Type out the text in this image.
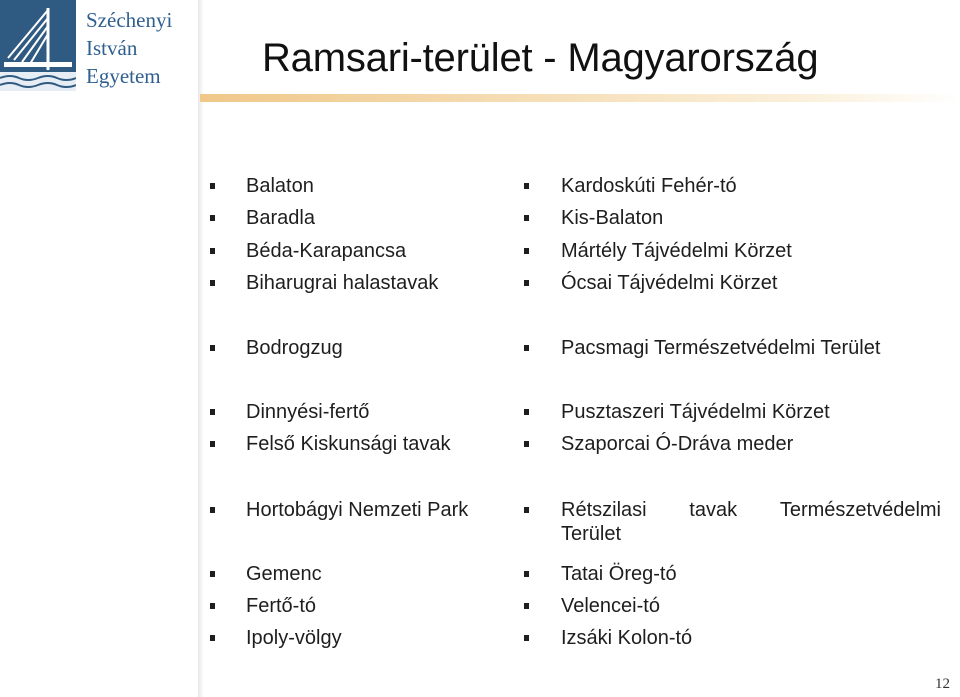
Széchenyi
István
Egyetem	Ramsari-terület - Magyarország
Balaton
Baradla
Béda-Karapancsa
Biharugrai halastavak
Bodrogzug
Dinnyési-fertő
Felső Kiskunsági tavak
Hortobágyi Nemzeti Park
Gemenc
Fertő-tó
Ipoly-völgy
Kardoskúti Fehér-tó
Kis-Balaton
Mártély Tájvédelmi Körzet
Ócsai Tájvédelmi Körzet
Pacsmagi Természetvédelmi Terület
Pusztaszeri Tájvédelmi Körzet
Szaporcai Ó-Dráva meder
Rétszilasi tavak Természetvédelmi
Terület
Tatai Öreg-tó
Velencei-tó
Izsáki Kolon-tó
12
